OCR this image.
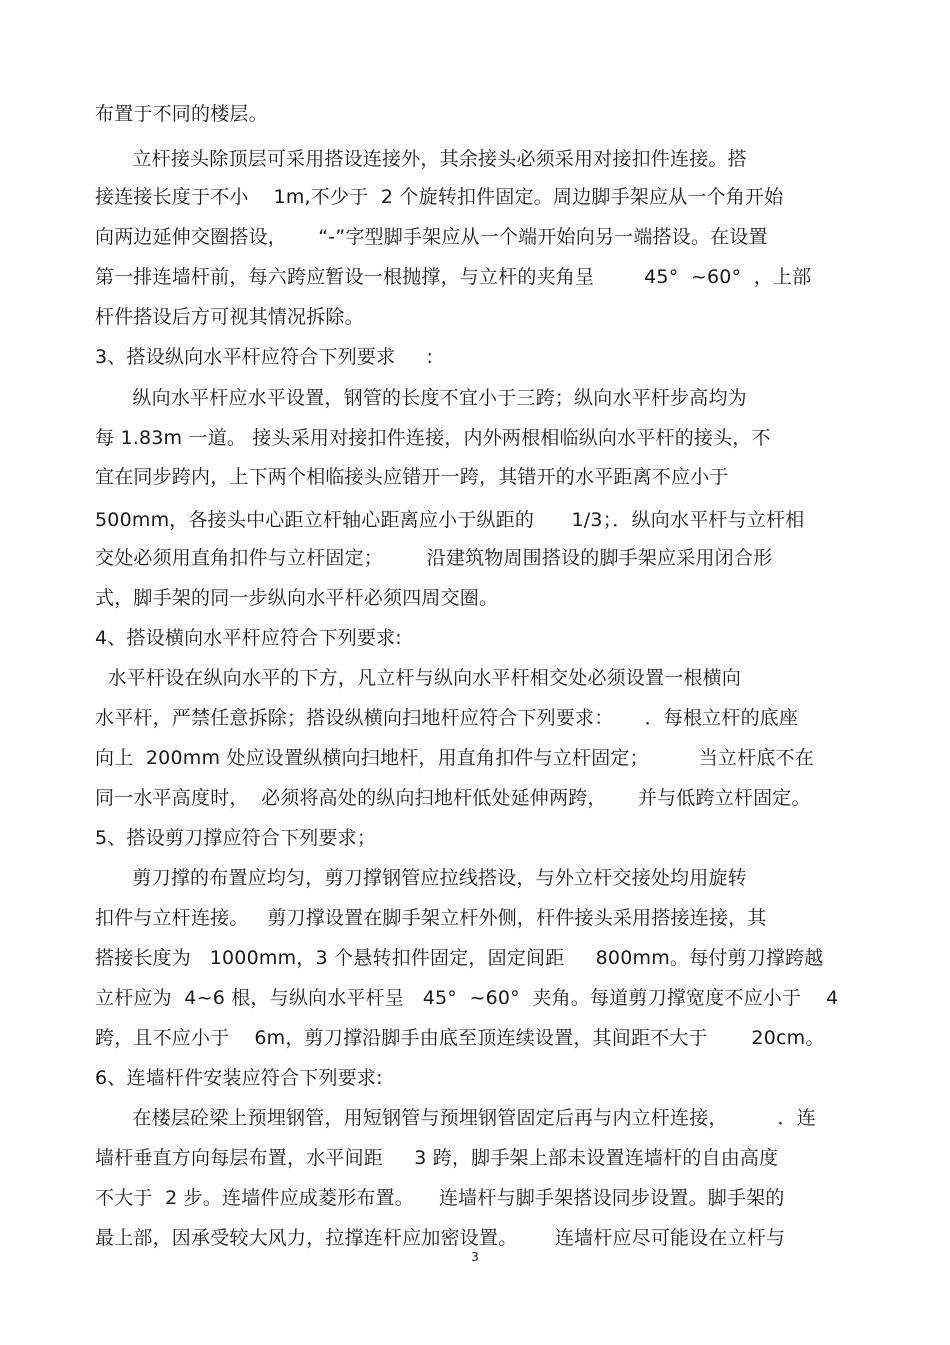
布置于不同的楼层。
立杆接头除顶层可采用搭设连接外，其余接头必须采用对接扣件连接。搭
接连接长度于不小    1m,不少于  2 个旋转扣件固定。周边脚手架应从一个角开始
向两边延伸交圈搭设，     “-”字型脚手架应从一个端开始向另一端搭设。在设置
第一排连墙杆前，每六跨应暂设一根抛撑，与立杆的夹角呈        45°  ~60°  ，上部
杆件搭设后方可视其情况拆除。
3、搭设纵向水平杆应符合下列要求     :
纵向水平杆应水平设置，钢管的长度不宜小于三跨；纵向水平杆步高均为
每 1.83m 一道。 接头采用对接扣件连接，内外两根相临纵向水平杆的接头，不
宜在同步跨内，上下两个相临接头应错开一跨，其错开的水平距离不应小于
500mm，各接头中心距立杆轴心距离应小于纵距的      1/3；．纵向水平杆与立杆相
交处必须用直角扣件与立杆固定；       沿建筑物周围搭设的脚手架应采用闭合形
式，脚手架的同一步纵向水平杆必须四周交圈。
4、搭设横向水平杆应符合下列要求:
水平杆设在纵向水平的下方，凡立杆与纵向水平杆相交处必须设置一根横向
水平杆，严禁任意拆除；搭设纵横向扫地杆应符合下列要求：     ．每根立杆的底座
向上  200mm 处应设置纵横向扫地杆，用直角扣件与立杆固定；        当立杆底不在
同一水平高度时，  必须将高处的纵向扫地杆低处延伸两跨，     并与低跨立杆固定。
5、搭设剪刀撑应符合下列要求；
剪刀撑的布置应均匀，剪刀撑钢管应拉线搭设，与外立杆交接处均用旋转
扣件与立杆连接。   剪刀撑设置在脚手架立杆外侧，杆件接头采用搭接连接，其
搭接长度为   1000mm，3 个悬转扣件固定，固定间距     800mm。每付剪刀撑跨越
立杆应为  4~6 根，与纵向水平杆呈   45°  ~60°  夹角。每道剪刀撑宽度不应小于    4
跨，且不应小于    6m，剪刀撑沿脚手由底至顶连续设置，其间距不大于       20cm。
6、连墙杆件安装应符合下列要求:
在楼层砼梁上预埋钢管，用短钢管与预埋钢管固定后再与内立杆连接，        ．连
墙杆垂直方向每层布置，水平间距     3 跨，脚手架上部未设置连墙杆的自由高度
不大于  2 步。连墙件应成菱形布置。    连墙杆与脚手架搭设同步设置。脚手架的
最上部，因承受较大风力，拉撑连杆应加密设置。      连墙杆应尽可能设在立杆与
3
